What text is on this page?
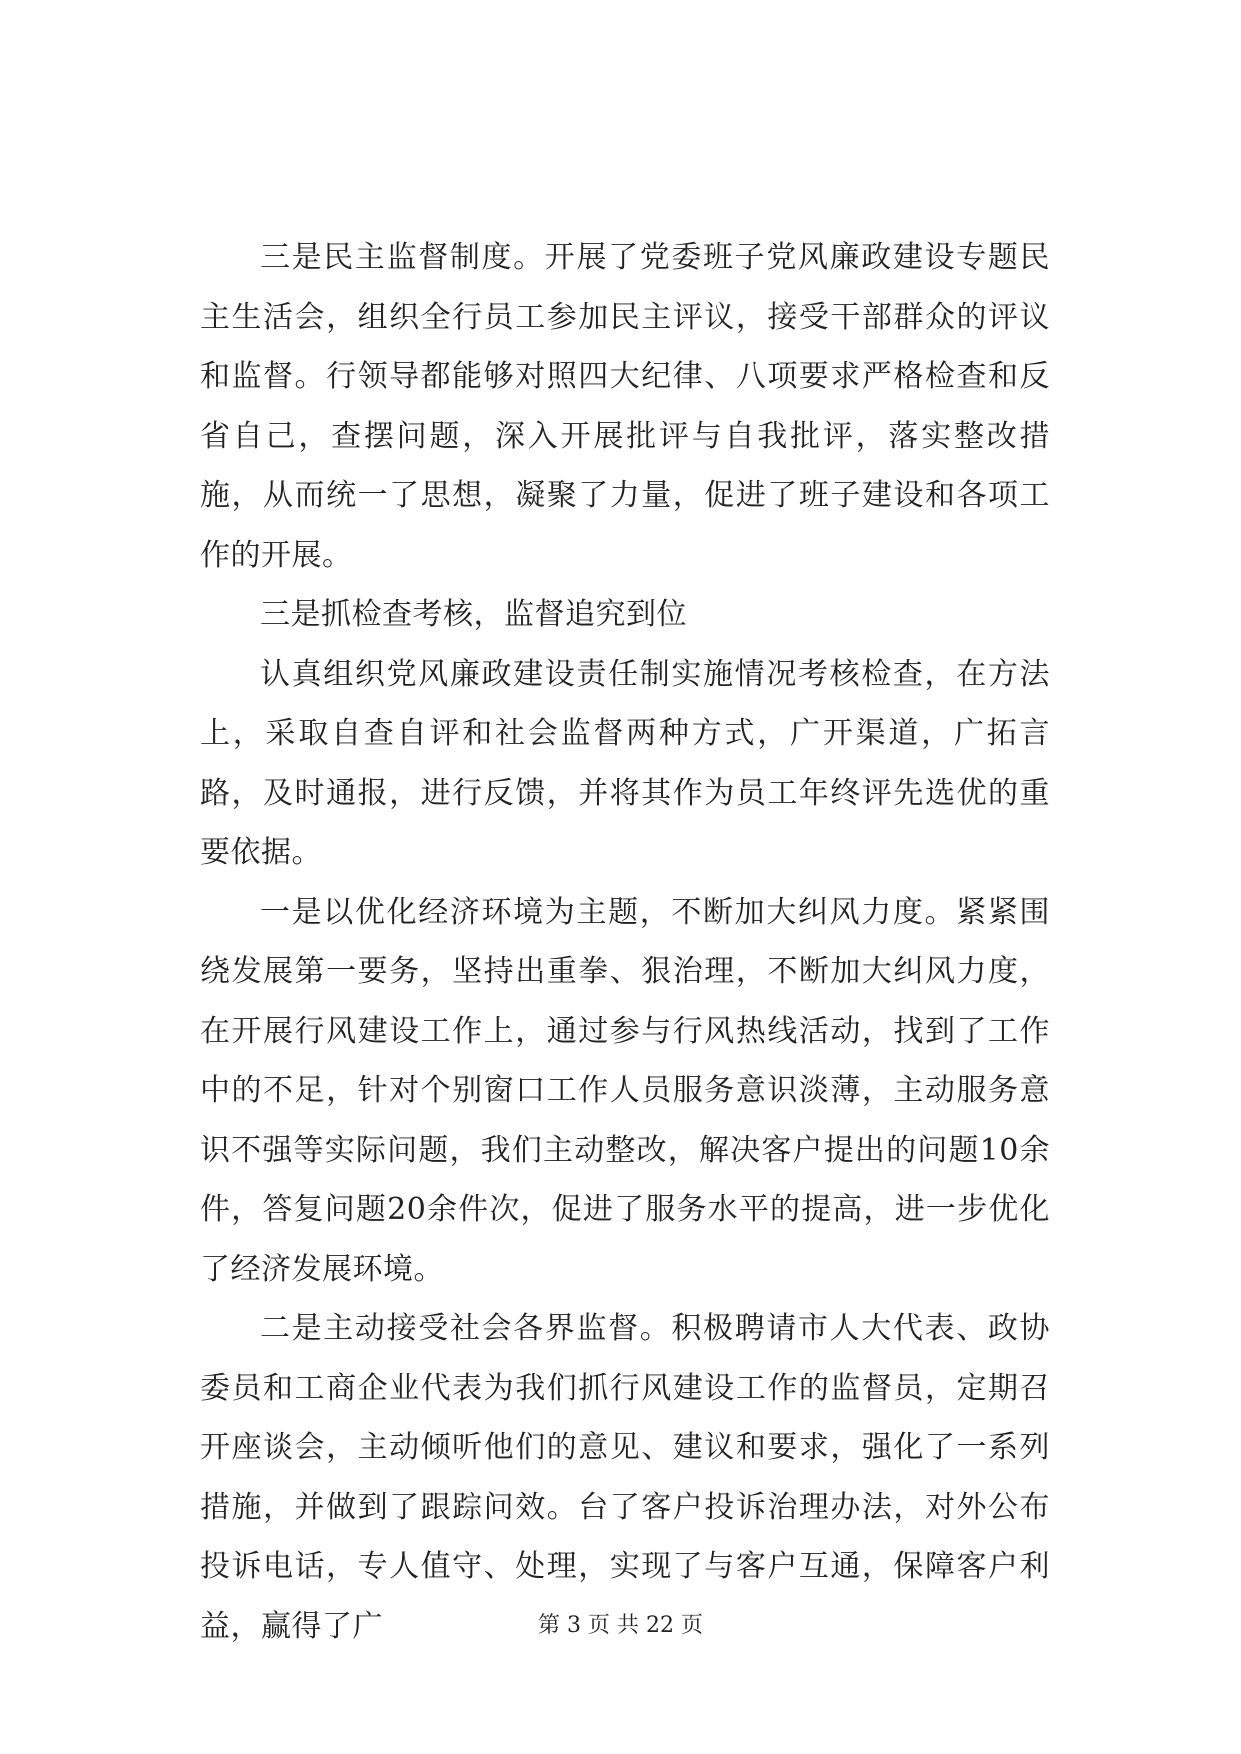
三是民主监督制度。开展了党委班子党风廉政建设专题民主生活会，组织全行员工参加民主评议，接受干部群众的评议和监督。行领导都能够对照四大纪律、八项要求严格检查和反省自己，查摆问题，深入开展批评与自我批评，落实整改措施，从而统一了思想，凝聚了力量，促进了班子建设和各项工作的开展。

三是抓检查考核，监督追究到位

认真组织党风廉政建设责任制实施情况考核检查，在方法上，采取自查自评和社会监督两种方式，广开渠道，广拓言路，及时通报，进行反馈，并将其作为员工年终评先选优的重要依据。

一是以优化经济环境为主题，不断加大纠风力度。紧紧围绕发展第一要务，坚持出重拳、狠治理，不断加大纠风力度，在开展行风建设工作上，通过参与行风热线活动，找到了工作中的不足，针对个别窗口工作人员服务意识淡薄，主动服务意识不强等实际问题，我们主动整改，解决客户提出的问题10余件，答复问题20余件次，促进了服务水平的提高，进一步优化了经济发展环境。

二是主动接受社会各界监督。积极聘请市人大代表、政协委员和工商企业代表为我们抓行风建设工作的监督员，定期召开座谈会，主动倾听他们的意见、建议和要求，强化了一系列措施，并做到了跟踪问效。台了客户投诉治理办法，对外公布投诉电话，专人值守、处理，实现了与客户互通，保障客户利益，赢得了广	第 3 页 共 22 页
